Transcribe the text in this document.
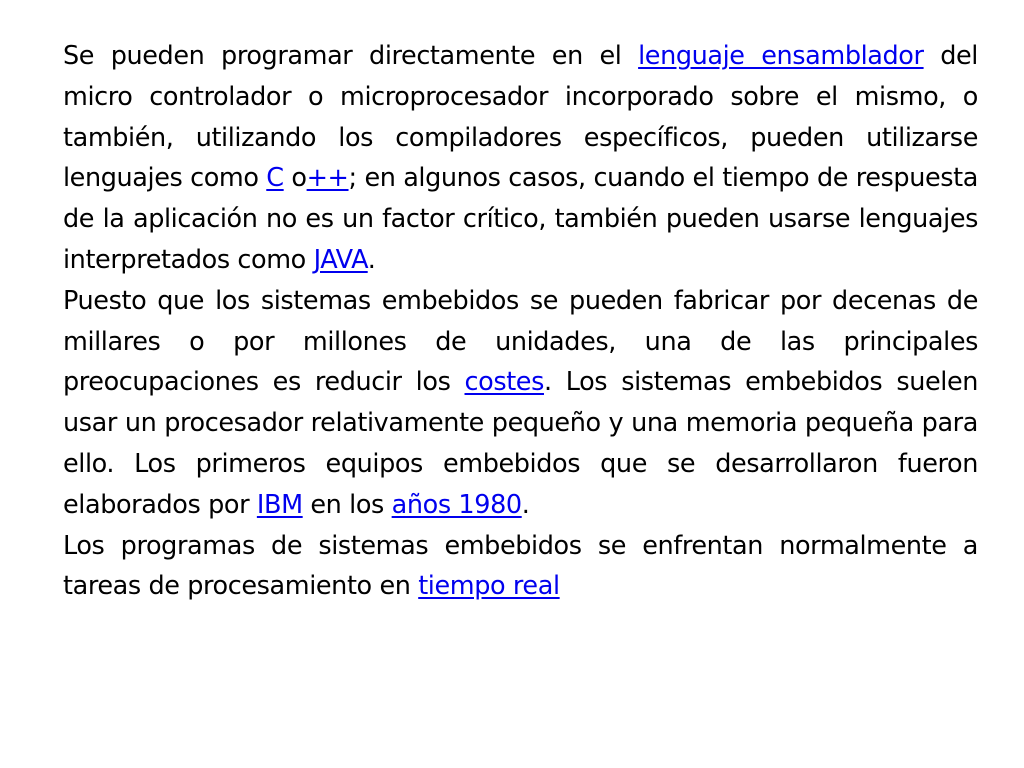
Se pueden programar directamente en el lenguaje ensamblador del micro controlador o microprocesador incorporado sobre el mismo, o también, utilizando los compiladores específicos, pueden utilizarse lenguajes como C o++; en algunos casos, cuando el tiempo de respuesta de la aplicación no es un factor crítico, también pueden usarse lenguajes interpretados como JAVA.

Puesto que los sistemas embebidos se pueden fabricar por decenas de millares o por millones de unidades, una de las principales preocupaciones es reducir los costes. Los sistemas embebidos suelen usar un procesador relativamente pequeño y una memoria pequeña para ello. Los primeros equipos embebidos que se desarrollaron fueron elaborados por IBM en los años 1980.

Los programas de sistemas embebidos se enfrentan normalmente a tareas de procesamiento en tiempo real
